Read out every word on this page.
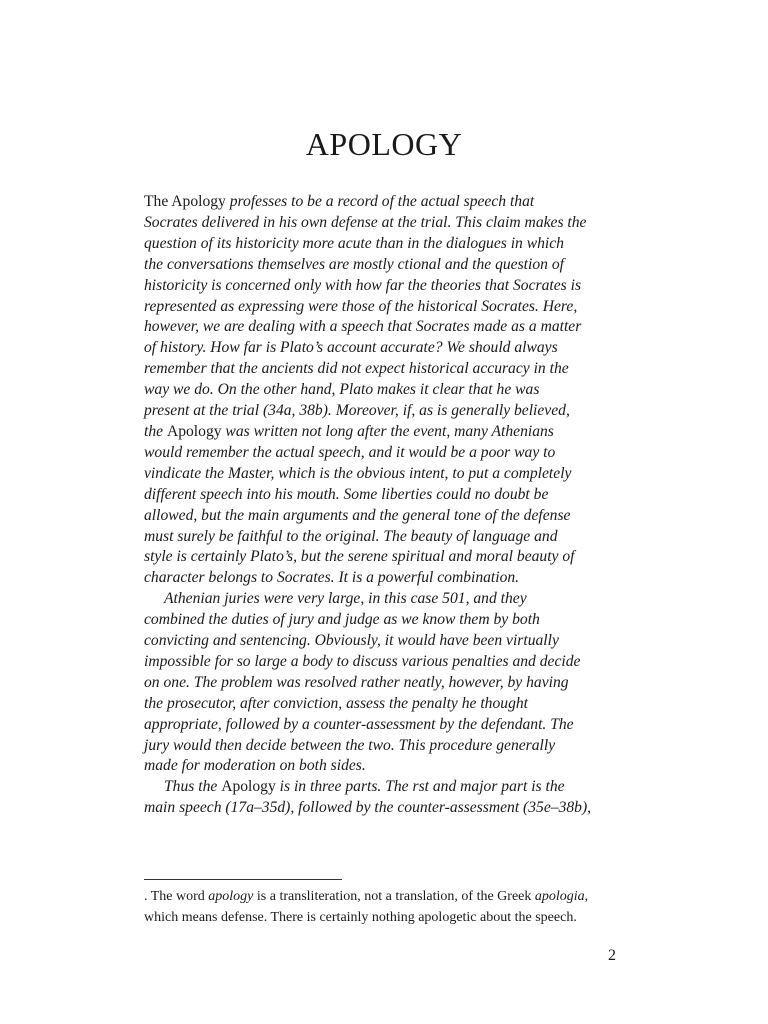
APOLOGY
The Apology professes to be a record of the actual speech that
Socrates delivered in his own defense at the trial. This claim makes the
question of its historicity more acute than in the dialogues in which
the conversations themselves are mostly ctional and the question of
historicity is concerned only with how far the theories that Socrates is
represented as expressing were those of the historical Socrates. Here,
however, we are dealing with a speech that Socrates made as a matter
of history. How far is Plato’s account accurate? We should always
remember that the ancients did not expect historical accuracy in the
way we do. On the other hand, Plato makes it clear that he was
present at the trial (34a, 38b). Moreover, if, as is generally believed,
the Apology was written not long after the event, many Athenians
would remember the actual speech, and it would be a poor way to
vindicate the Master, which is the obvious intent, to put a completely
different speech into his mouth. Some liberties could no doubt be
allowed, but the main arguments and the general tone of the defense
must surely be faithful to the original. The beauty of language and
style is certainly Plato’s, but the serene spiritual and moral beauty of
character belongs to Socrates. It is a powerful combination.
Athenian juries were very large, in this case 501, and they
combined the duties of jury and judge as we know them by both
convicting and sentencing. Obviously, it would have been virtually
impossible for so large a body to discuss various penalties and decide
on one. The problem was resolved rather neatly, however, by having
the prosecutor, after conviction, assess the penalty he thought
appropriate, followed by a counter-assessment by the defendant. The
jury would then decide between the two. This procedure generally
made for moderation on both sides.
Thus the Apology is in three parts. The rst and major part is the
main speech (17a–35d), followed by the counter-assessment (35e–38b),
. The word apology is a transliteration, not a translation, of the Greek apologia,
which means defense. There is certainly nothing apologetic about the speech.
2
